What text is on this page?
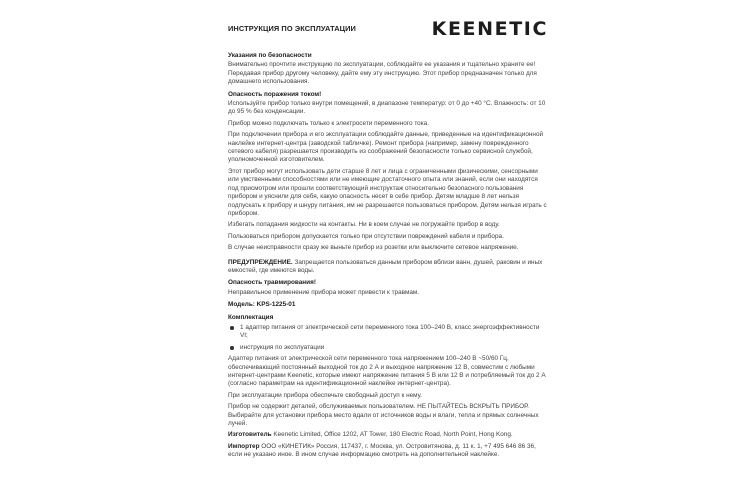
ИНСТРУКЦИЯ ПО ЭКСПЛУАТАЦИИ	KEENETIC
Указания по безопасности

Внимательно прочтите инструкцию по эксплуатации, соблюдайте ее указания и тщательно храните ее! Передавая прибор другому человеку, дайте ему эту инструкцию. Этот прибор предназначен только для домашнего использования.

Опасность поражения током!

Используйте прибор только внутри помещений, в диапазоне температур: от 0 до +40 °С. Влажность: от 10 до 95 % без конденсации.

Прибор можно подключать только к электросети переменного тока.

При подключении прибора и его эксплуатации соблюдайте данные, приведенные на идентификационной наклейке интернет-центра (заводской табличке). Ремонт прибора (например, замену поврежденного сетевого кабеля) разрешается производить из соображений безопасности только сервисной службой, уполномоченной изготовителем.

Этот прибор могут использовать дети старше 8 лет и лица с ограниченными физическими, сенсорными или умственными способностями или не имеющие достаточного опыта или знаний, если они находятся под присмотром или прошли соответствующий инструктаж относительно безопасного пользования прибором и уяснили для себя, какую опасность несет в себе прибор. Детям младше 8 лет нельзя подпускать к прибору и шнуру питания, им не разрешается пользоваться прибором. Детям нельзя играть с прибором.

Избегать попадания жидкости на контакты. Ни в коем случае не погружайте прибор в воду.

Пользоваться прибором допускается только при отсутствии повреждений кабеля и прибора.

В случае неисправности сразу же выньте прибор из розетки или выключите сетевое напряжение.

ПРЕДУПРЕЖДЕНИЕ. Запрещается пользоваться данным прибором вблизи ванн, душей, раковин и иных емкостей, где имеются воды.

Опасность травмирования!

Неправильное применение прибора может привести к травмам.

Модель: KPS-1225-01
Комплектация
1 адаптер питания от электрической сети переменного тока 100–240 В, класс энергоэффективности VI;
инструкция по эксплуатации

Адаптер питания от электрической сети переменного тока напряжением 100–240 В ~50/60 Гц, обеспечивающий постоянный выходной ток до 2 А и выходное напряжение 12 В, совместим с любыми интернет-центрами Keenetic, которые имеют напряжение питания 5 В или 12 В и потребляемый ток до 2 А (согласно параметрам на идентификационной наклейке интернет-центра).

При эксплуатации прибора обеспечьте свободный доступ к нему.

Прибор не содержит деталей, обслуживаемых пользователем. НЕ ПЫТАЙТЕСЬ ВСКРЫТЬ ПРИБОР. Выбирайте для установки прибора место вдали от источников воды и влаги, тепла и прямых солнечных лучей.

Изготовитель Keenetic Limited, Office 1202, AT Tower, 180 Electric Road, North Point, Hong Kong.

Импортер ООО «КИНЕТИК» Россия, 117437, г. Москва, ул. Островитянова, д. 11 к. 1, +7 495 646 86 36, если не указано иное. В ином случае информацию смотреть на дополнительной наклейке.
